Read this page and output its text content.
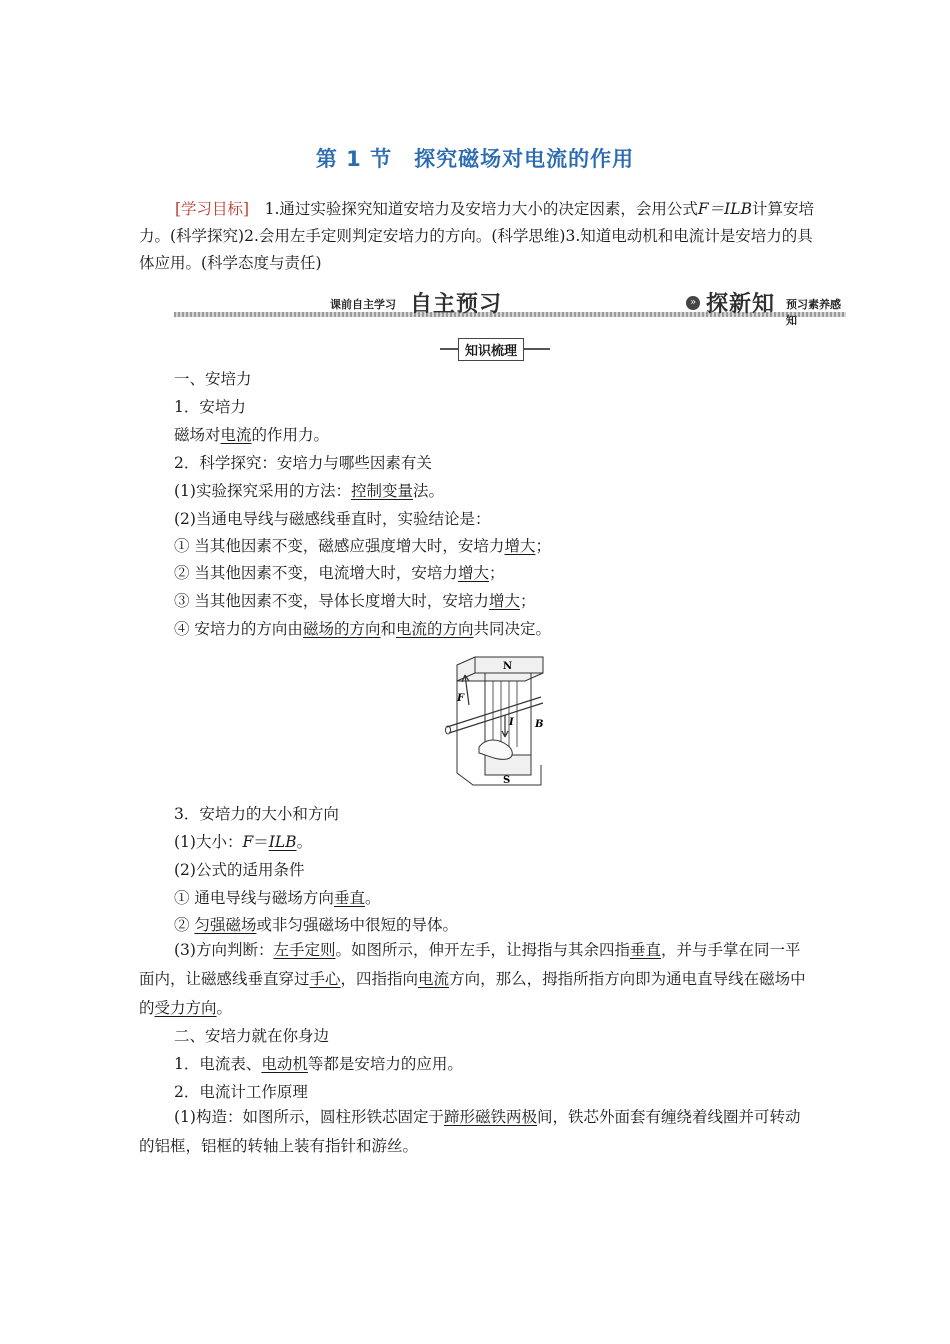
第 1 节 探究磁场对电流的作用
[学习目标]　 1.通过实验探究知道安培力及安培力大小的决定因素，会用公式F＝ILB计算安培力。(科学探究)2.会用左手定则判定安培力的方向。(科学思维)3.知道电动机和电流计是安培力的具体应用。(科学态度与责任)
课前自主学习 自主预习	» 探新知 预习素养感知
知识梳理
一、安培力
1．安培力
磁场对电流的作用力。
2．科学探究：安培力与哪些因素有关
(1)实验探究采用的方法：控制变量法。
(2)当通电导线与磁感线垂直时，实验结论是：
① 当其他因素不变，磁感应强度增大时，安培力增大；
② 当其他因素不变，电流增大时，安培力增大；
③ 当其他因素不变，导体长度增大时，安培力增大；
④ 安培力的方向由磁场的方向和电流的方向共同决定。
N
S
F
I B
3．安培力的大小和方向
(1)大小：F＝ILB。
(2)公式的适用条件
① 通电导线与磁场方向垂直。
② 匀强磁场或非匀强磁场中很短的导体。
(3)方向判断：左手定则。如图所示，伸开左手，让拇指与其余四指垂直，并与手掌在同一平面内，让磁感线垂直穿过手心，四指指向电流方向，那么，拇指所指方向即为通电直导线在磁场中的受力方向。
二、安培力就在你身边
1．电流表、电动机等都是安培力的应用。
2．电流计工作原理
(1)构造：如图所示，圆柱形铁芯固定于蹄形磁铁两极间，铁芯外面套有缠绕着线圈并可转动的铝框，铝框的转轴上装有指针和游丝。
